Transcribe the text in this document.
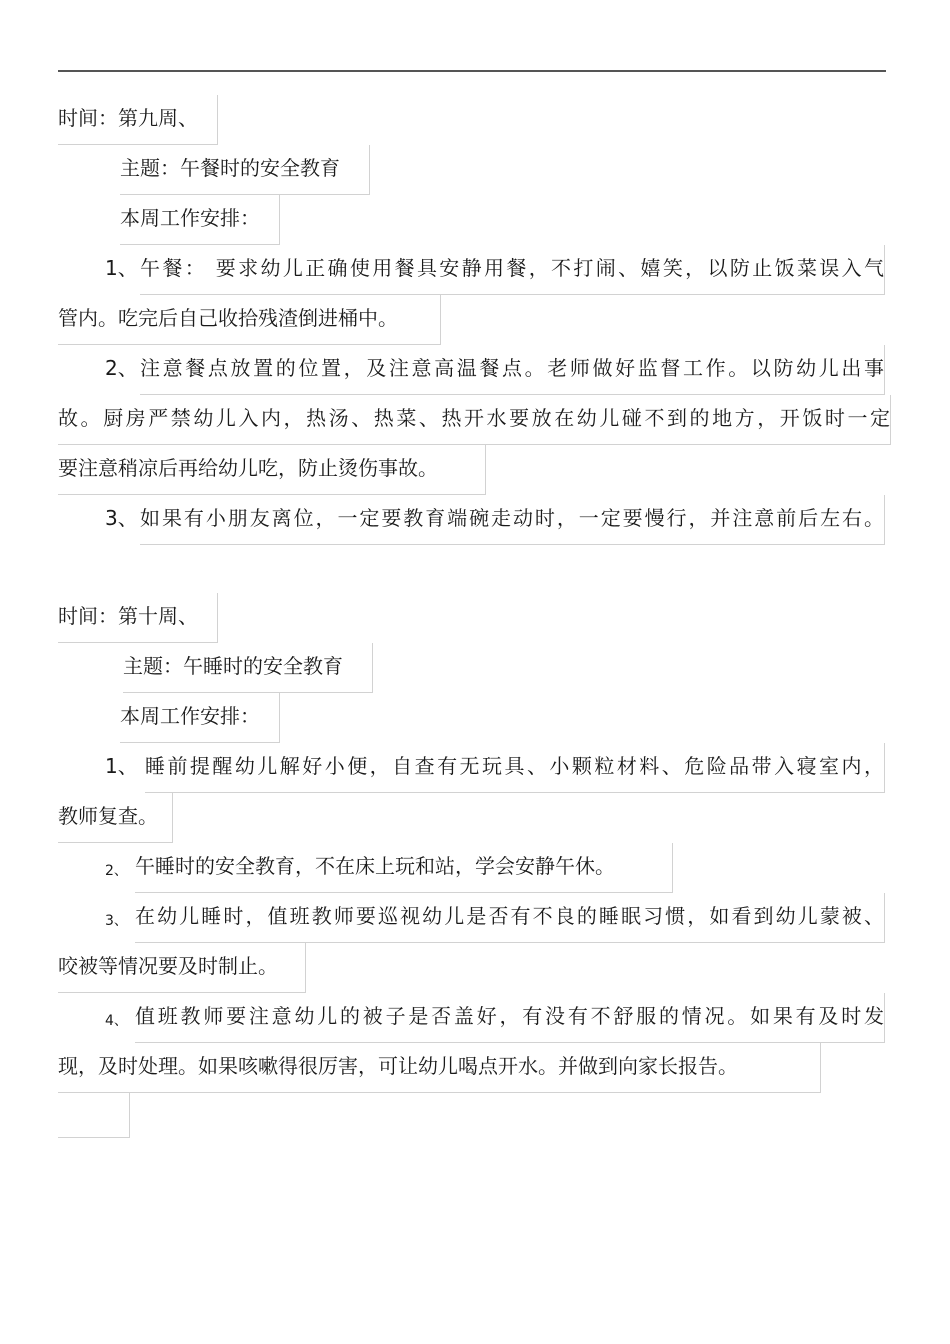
时间：第九周、
主题：午餐时的安全教育
本周工作安排：
1、 午餐： 要求幼儿正确使用餐具安静用餐，不打闹、嬉笑，以防止饭菜误入气
管内。吃完后自己收拾残渣倒进桶中。
2、 注意餐点放置的位置，及注意高温餐点。老师做好监督工作。以防幼儿出事
故。厨房严禁幼儿入内，热汤、热菜、热开水要放在幼儿碰不到的地方，开饭时一定
要注意稍凉后再给幼儿吃，防止烫伤事故。
3、 如果有小朋友离位，一定要教育端碗走动时，一定要慢行，并注意前后左右。
时间：第十周、
主题：午睡时的安全教育
本周工作安排：
1、 睡前提醒幼儿解好小便，自查有无玩具、小颗粒材料、危险品带入寝室内，
教师复查。
2、 午睡时的安全教育，不在床上玩和站，学会安静午休。
3、 在幼儿睡时，值班教师要巡视幼儿是否有不良的睡眠习惯，如看到幼儿蒙被、
咬被等情况要及时制止。
4、 值班教师要注意幼儿的被子是否盖好，有没有不舒服的情况。如果有及时发
现，及时处理。如果咳嗽得很厉害，可让幼儿喝点开水。并做到向家长报告。
